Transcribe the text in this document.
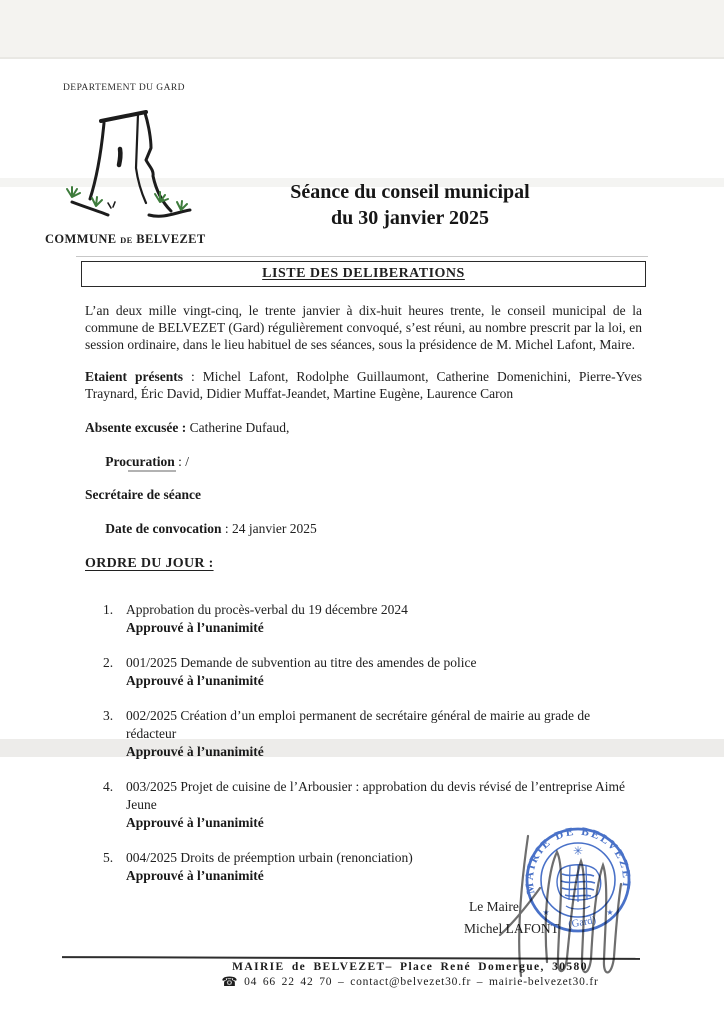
DEPARTEMENT DU GARD
COMMUNE DE BELVEZET
Séance du conseil municipal
du 30 janvier 2025
LISTE DES DELIBERATIONS

L’an deux mille vingt-cinq, le trente janvier à dix-huit heures trente, le conseil municipal de la commune de BELVEZET (Gard) régulièrement convoqué, s’est réuni, au nombre prescrit par la loi, en session ordinaire, dans le lieu habituel de ses séances, sous la présidence de M. Michel Lafont, Maire.

Etaient présents : Michel Lafont, Rodolphe Guillaumont, Catherine Domenichini, Pierre-Yves Traynard, Éric David, Didier Muffat-Jeandet, Martine Eugène, Laurence Caron

Absente excusée : Catherine Dufaud,

Procuration : /

Secrétaire de séance

Date de convocation : 24 janvier 2025

ORDRE DU JOUR :

1. Approbation du procès-verbal du 19 décembre 2024
Approuvé à l’unanimité
2. 001/2025 Demande de subvention au titre des amendes de police
Approuvé à l’unanimité
3. 002/2025 Création d’un emploi permanent de secrétaire général de mairie au grade de rédacteur
Approuvé à l’unanimité
4. 003/2025 Projet de cuisine de l’Arbousier : approbation du devis révisé de l’entreprise Aimé Jeune
Approuvé à l’unanimité
5. 004/2025 Droits de préemption urbain (renonciation)
Approuvé à l’unanimité
Le Maire
Michel LAFONT
MAIRIE DE BELVEZET
✳
★	★
(Gard)
MAIRIE de BELVEZET– Place René Domergue, 30580
☎ 04 66 22 42 70 – contact@belvezet30.fr – mairie-belvezet30.fr
